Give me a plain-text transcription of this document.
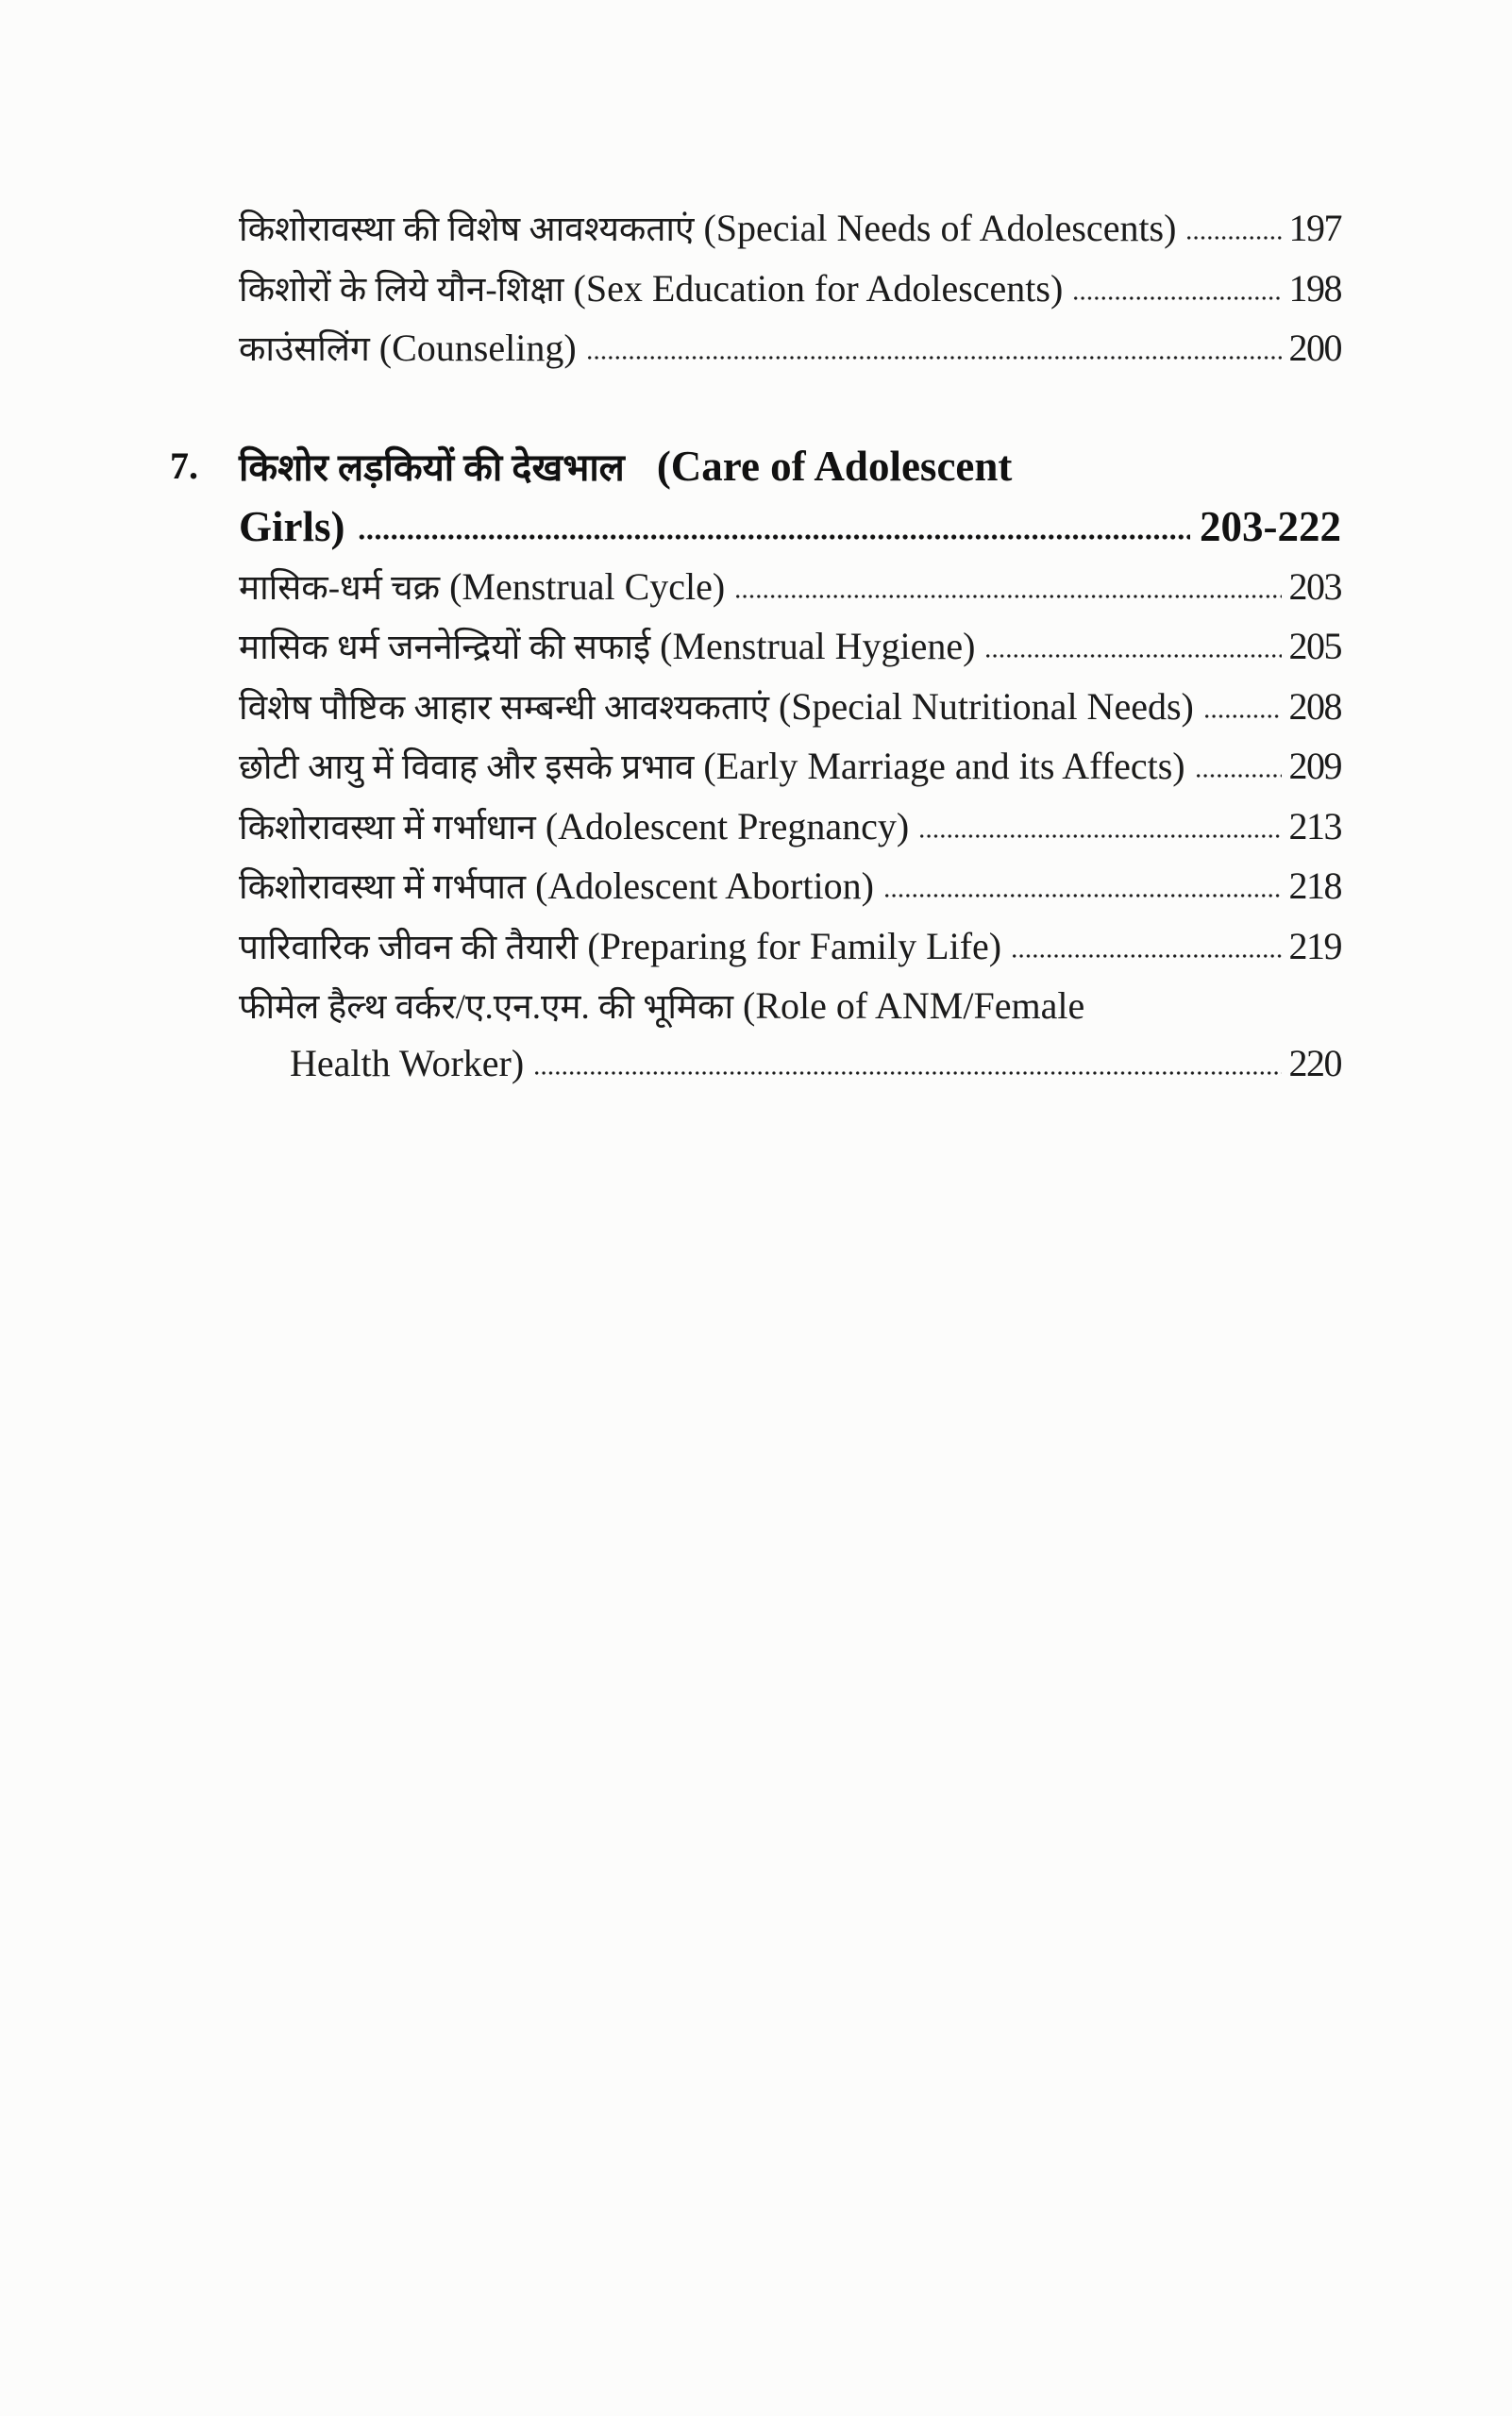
किशोरावस्था की विशेष आवश्यकताएं (Special Needs of Adolescents)	197
किशोरों के लिये यौन-शिक्षा (Sex Education for Adolescents)	198
काउंसलिंग (Counseling)	200
7. किशोर लड़कियों की देखभाल (Care of Adolescent
Girls)	203-222
मासिक-धर्म चक्र (Menstrual Cycle)	203
मासिक धर्म जननेन्द्रियों की सफाई (Menstrual Hygiene)	205
विशेष पौष्टिक आहार सम्बन्धी आवश्यकताएं (Special Nutritional Needs)	208
छोटी आयु में विवाह और इसके प्रभाव (Early Marriage and its Affects)	209
किशोरावस्था में गर्भाधान (Adolescent Pregnancy)	213
किशोरावस्था में गर्भपात (Adolescent Abortion)	218
पारिवारिक जीवन की तैयारी (Preparing for Family Life)	219
फीमेल हैल्थ वर्कर/ए.एन.एम. की भूमिका (Role of ANM/Female
Health Worker)	220
